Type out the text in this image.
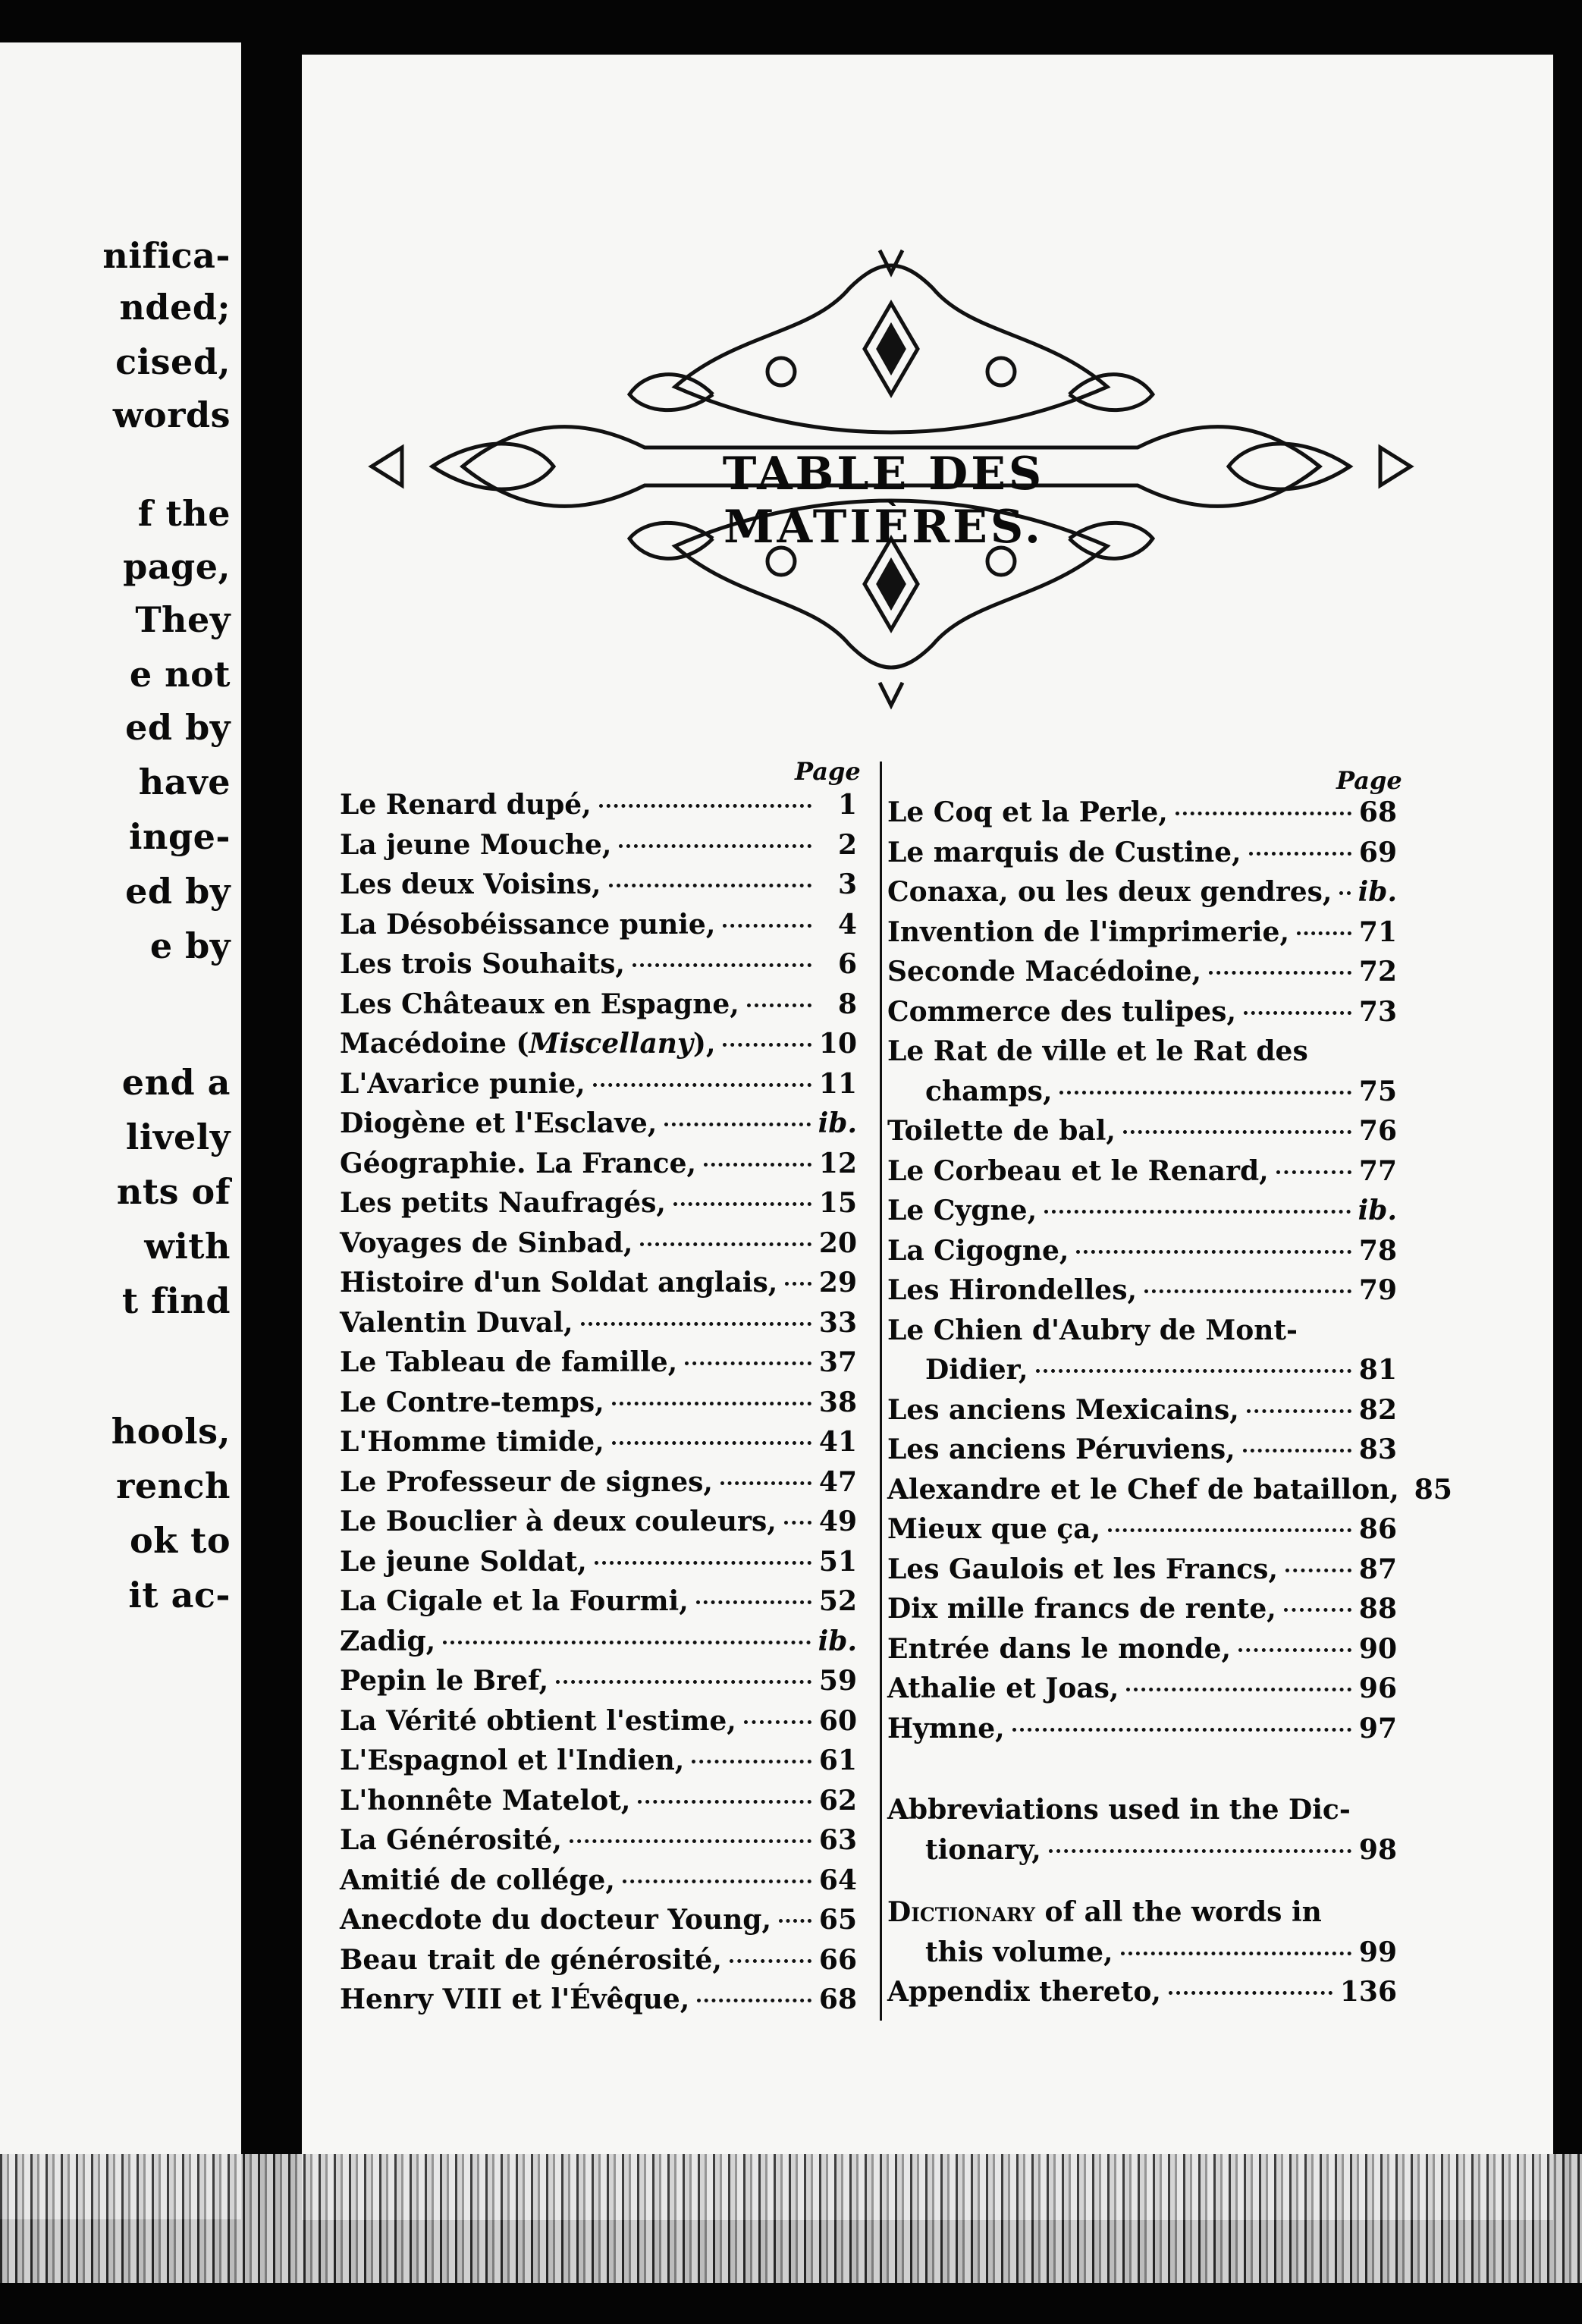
nifica-
nded;
cised,
words
f the
page,
They
e not
ed by
have
inge-
ed by
e by
end a
lively
nts of
with
t find
hools,
rench
ok to
it ac-
TABLE DES MATIÈRES.
Page	Page
Le Renard dupé,	1
La jeune Mouche,	2
Les deux Voisins,	3
La Désobéissance punie,	4
Les trois Souhaits,	6
Les Châteaux en Espagne,	8
Macédoine (Miscellany),	10
L'Avarice punie,	11
Diogène et l'Esclave,	ib.
Géographie. La France,	12
Les petits Naufragés,	15
Voyages de Sinbad,	20
Histoire d'un Soldat anglais, 29
Valentin Duval,	33
Le Tableau de famille,	37
Le Contre-temps,	38
L'Homme timide,	41
Le Professeur de signes,	47
Le Bouclier à deux couleurs, 49
Le jeune Soldat,	51
La Cigale et la Fourmi,	52
Zadig,	ib.
Pepin le Bref,	59
La Vérité obtient l'estime,	60
L'Espagnol et l'Indien,	61
L'honnête Matelot,	62
La Générosité,	63
Amitié de collége,	64
Anecdote du docteur Young, 65
Beau trait de générosité,	66
Henry VIII et l'Évêque,	68
Le Coq et la Perle,	68
Le marquis de Custine,	69
Conaxa, ou les deux gendres, ib.
Invention de l'imprimerie,	71
Seconde Macédoine,	72
Commerce des tulipes,	73
Le Rat de ville et le Rat des
champs,	75
Toilette de bal,	76
Le Corbeau et le Renard,	77
Le Cygne,	ib.
La Cigogne,	78
Les Hirondelles,	79
Le Chien d'Aubry de Mont-
Didier,	81
Les anciens Mexicains,	82
Les anciens Péruviens,	83
Alexandre et le Chef de bataillon, 85
Mieux que ça,	86
Les Gaulois et les Francs,	87
Dix mille francs de rente,	88
Entrée dans le monde,	90
Athalie et Joas,	96
Hymne,	97
Abbreviations used in the Dic-
tionary,	98
Dictionary of all the words in
this volume,	99
Appendix thereto,	136
